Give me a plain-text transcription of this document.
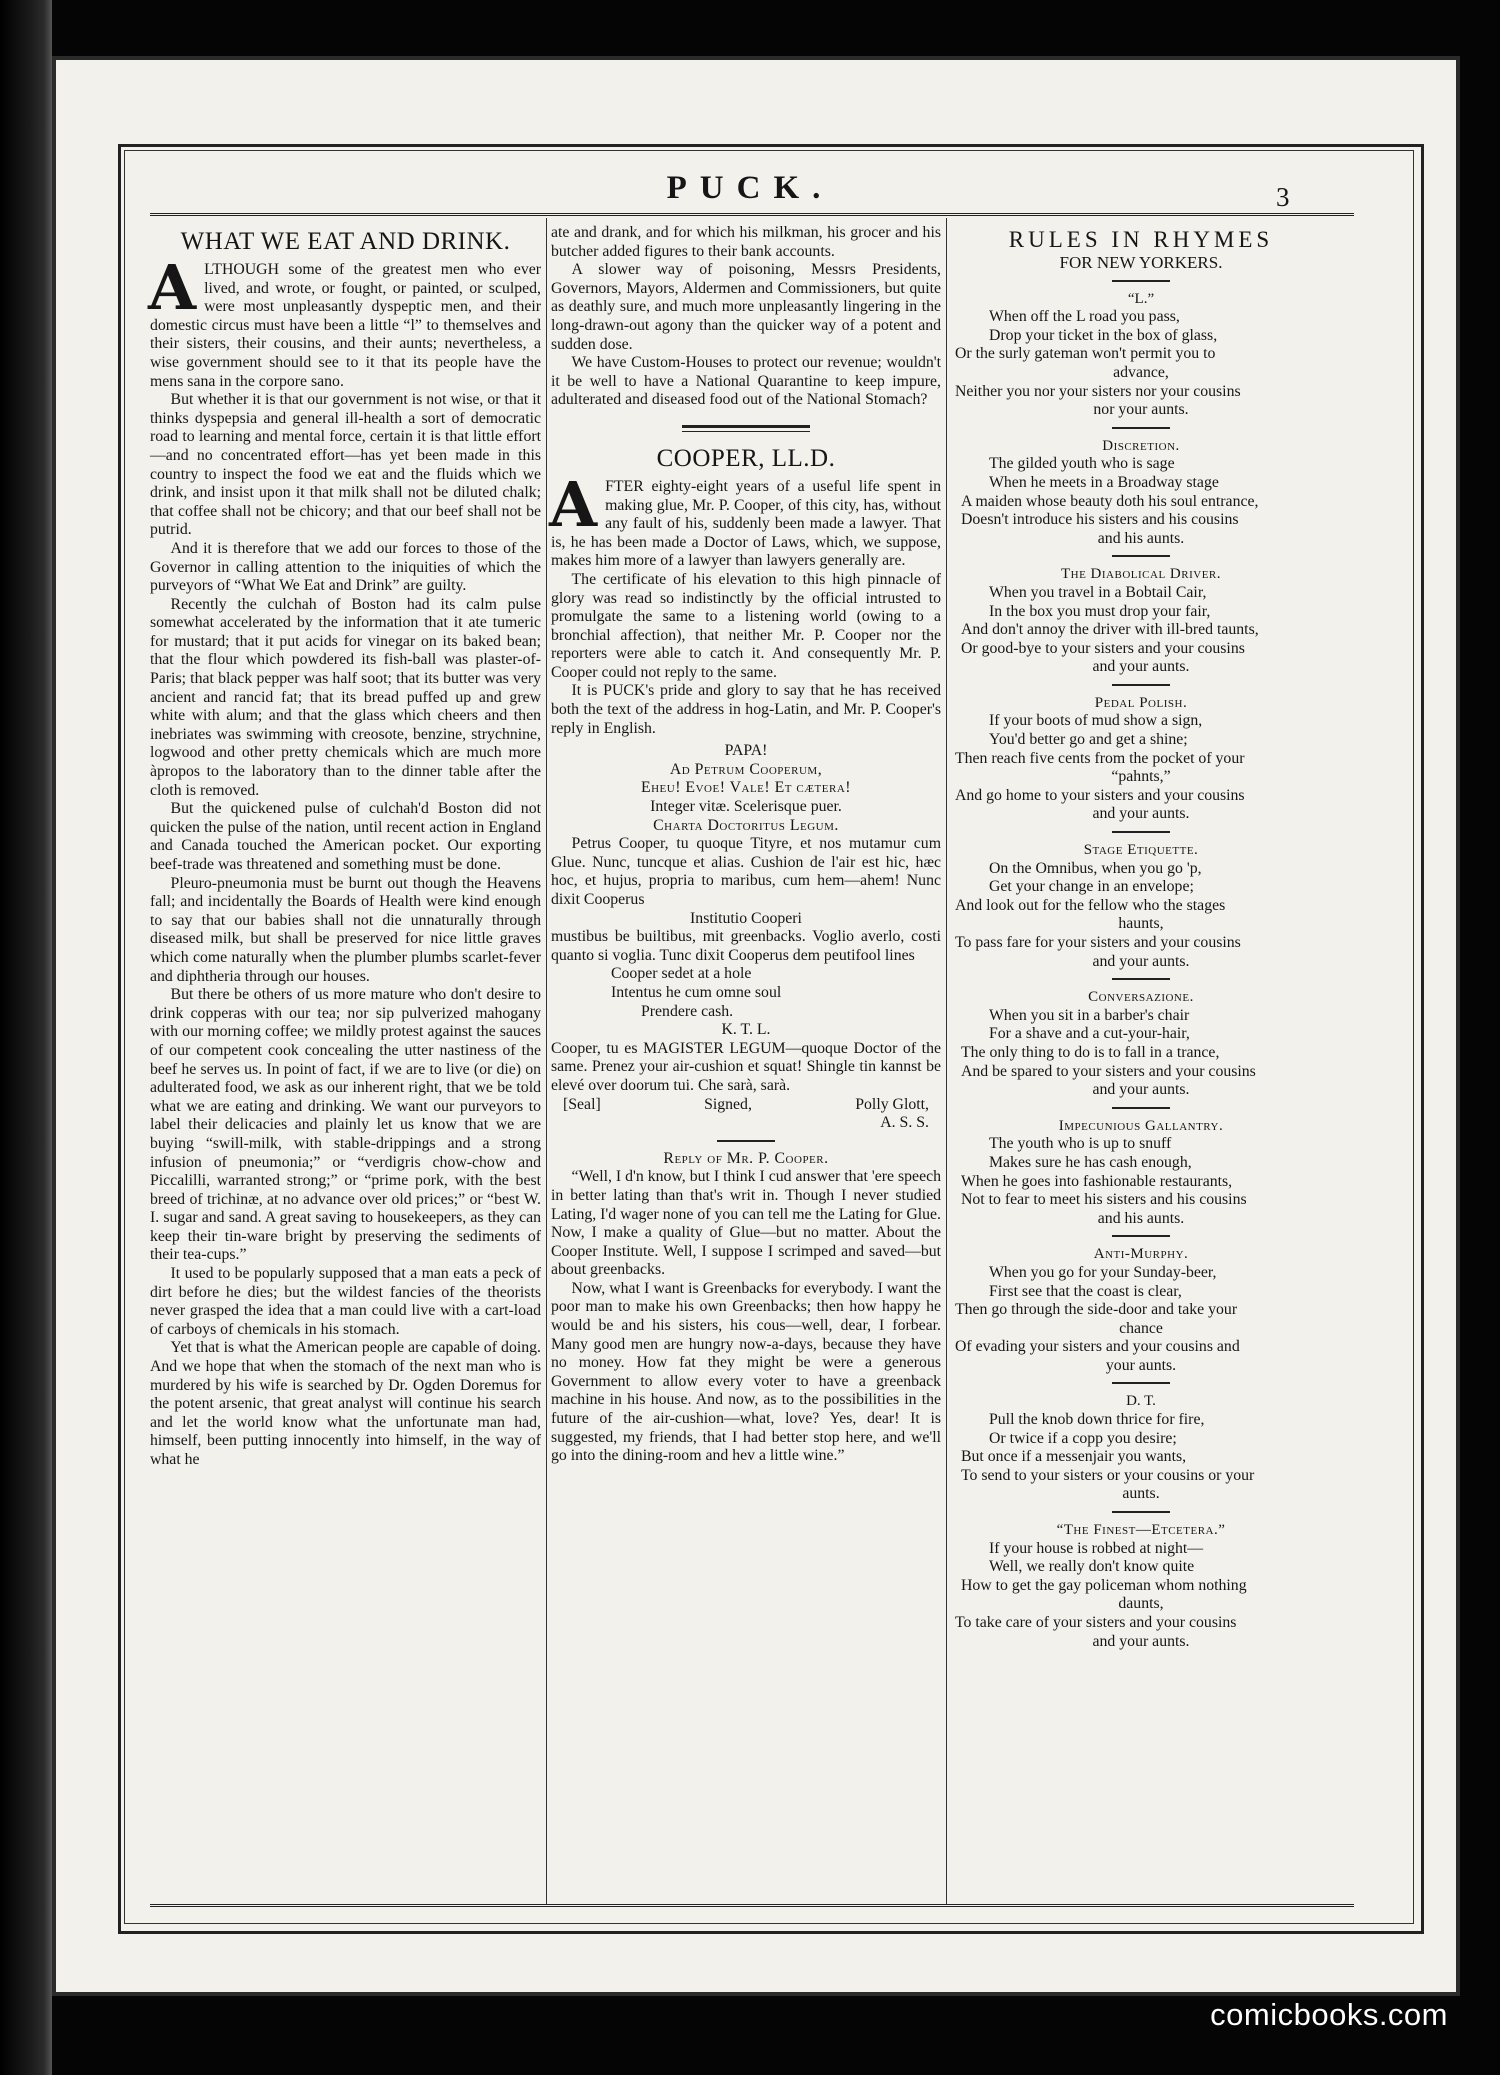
PUCK.	3
WHAT WE EAT AND DRINK.

ALTHOUGH some of the greatest men who ever lived, and wrote, or fought, or painted, or sculped, were most unpleasantly dyspeptic men, and their domestic circus must have been a little “l” to themselves and their sisters, their cousins, and their aunts; nevertheless, a wise government should see to it that its people have the mens sana in the corpore sano.

But whether it is that our government is not wise, or that it thinks dyspepsia and general ill-health a sort of democratic road to learning and mental force, certain it is that little effort —and no concentrated effort—has yet been made in this country to inspect the food we eat and the fluids which we drink, and insist upon it that milk shall not be diluted chalk; that coffee shall not be chicory; and that our beef shall not be putrid.

And it is therefore that we add our forces to those of the Governor in calling attention to the iniquities of which the purveyors of “What We Eat and Drink” are guilty.

Recently the culchah of Boston had its calm pulse somewhat accelerated by the information that it ate tumeric for mustard; that it put acids for vinegar on its baked bean; that the flour which powdered its fish-ball was plaster-of-Paris; that black pepper was half soot; that its butter was very ancient and rancid fat; that its bread puffed up and grew white with alum; and that the glass which cheers and then inebriates was swimming with creosote, benzine, strychnine, logwood and other pretty chemicals which are much more àpropos to the laboratory than to the dinner table after the cloth is removed.

But the quickened pulse of culchah'd Boston did not quicken the pulse of the nation, until recent action in England and Canada touched the American pocket. Our exporting beef-trade was threatened and something must be done.

Pleuro-pneumonia must be burnt out though the Heavens fall; and incidentally the Boards of Health were kind enough to say that our babies shall not die unnaturally through diseased milk, but shall be preserved for nice little graves which come naturally when the plumber plumbs scarlet-fever and diphtheria through our houses.

But there be others of us more mature who don't desire to drink copperas with our tea; nor sip pulverized mahogany with our morning coffee; we mildly protest against the sauces of our competent cook concealing the utter nastiness of the beef he serves us. In point of fact, if we are to live (or die) on adulterated food, we ask as our inherent right, that we be told what we are eating and drinking. We want our purveyors to label their delicacies and plainly let us know that we are buying “swill-milk, with stable-drippings and a strong infusion of pneumonia;” or “verdigris chow-chow and Piccalilli, warranted strong;” or “prime pork, with the best breed of trichinæ, at no advance over old prices;” or “best W. I. sugar and sand. A great saving to housekeepers, as they can keep their tin-ware bright by preserving the sediments of their tea-cups.”

It used to be popularly supposed that a man eats a peck of dirt before he dies; but the wildest fancies of the theorists never grasped the idea that a man could live with a cart-load of carboys of chemicals in his stomach.

Yet that is what the American people are capable of doing. And we hope that when the stomach of the next man who is murdered by his wife is searched by Dr. Ogden Doremus for the potent arsenic, that great analyst will continue his search and let the world know what the unfortunate man had, himself, been putting innocently into himself, in the way of what he

ate and drank, and for which his milkman, his grocer and his butcher added figures to their bank accounts.

A slower way of poisoning, Messrs Presidents, Governors, Mayors, Aldermen and Commissioners, but quite as deathly sure, and much more unpleasantly lingering in the long-drawn-out agony than the quicker way of a potent and sudden dose.

We have Custom-Houses to protect our revenue; wouldn't it be well to have a National Quarantine to keep impure, adulterated and diseased food out of the National Stomach?

COOPER, LL.D.

AFTER eighty-eight years of a useful life spent in making glue, Mr. P. Cooper, of this city, has, without any fault of his, suddenly been made a lawyer. That is, he has been made a Doctor of Laws, which, we suppose, makes him more of a lawyer than lawyers generally are.

The certificate of his elevation to this high pinnacle of glory was read so indistinctly by the official intrusted to promulgate the same to a listening world (owing to a bronchial affection), that neither Mr. P. Cooper nor the reporters were able to catch it. And consequently Mr. P. Cooper could not reply to the same.

It is PUCK's pride and glory to say that he has received both the text of the address in hog-Latin, and Mr. P. Cooper's reply in English.

PAPA!
Ad Petrum Cooperum,
Eheu! Evoe! Vale! Et cætera!
Integer vitæ. Scelerisque puer.
Charta Doctoritus Legum.

Petrus Cooper, tu quoque Tityre, et nos mutamur cum Glue. Nunc, tuncque et alias. Cushion de l'air est hic, hæc hoc, et hujus, propria to maribus, cum hem—ahem! Nunc dixit Cooperus

Institutio Cooperi

mustibus be builtibus, mit greenbacks. Voglio averlo, costi quanto si voglia. Tunc dixit Cooperus dem peutifool lines

Cooper sedet at a hole
Intentus he cum omne soul
Prendere cash.
K. T. L.

Cooper, tu es MAGISTER LEGUM—quoque Doctor of the same. Prenez your air-cushion et squat! Shingle tin kannst be elevé over doorum tui. Che sarà, sarà.

[Seal]	Signed,	Polly Glott,
A. S. S.
Reply of Mr. P. Cooper.

“Well, I d'n know, but I think I cud answer that 'ere speech in better lating than that's writ in. Though I never studied Lating, I'd wager none of you can tell me the Lating for Glue. Now, I make a quality of Glue—but no matter. About the Cooper Institute. Well, I suppose I scrimped and saved—but about greenbacks.

Now, what I want is Greenbacks for everybody. I want the poor man to make his own Greenbacks; then how happy he would be and his sisters, his cous—well, dear, I forbear. Many good men are hungry now-a-days, because they have no money. How fat they might be were a generous Government to allow every voter to have a greenback machine in his house. And now, as to the possibilities in the future of the air-cushion—what, love? Yes, dear! It is suggested, my friends, that I had better stop here, and we'll go into the dining-room and hev a little wine.”

RULES IN RHYMES
FOR NEW YORKERS.
“L.”
When off the L road you pass,
Drop your ticket in the box of glass,
Or the surly gateman won't permit you to
advance,
Neither you nor your sisters nor your cousins
nor your aunts.
Discretion.
The gilded youth who is sage
When he meets in a Broadway stage
A maiden whose beauty doth his soul entrance,
Doesn't introduce his sisters and his cousins
and his aunts.
The Diabolical Driver.
When you travel in a Bobtail Cair,
In the box you must drop your fair,
And don't annoy the driver with ill-bred taunts,
Or good-bye to your sisters and your cousins
and your aunts.
Pedal Polish.
If your boots of mud show a sign,
You'd better go and get a shine;
Then reach five cents from the pocket of your
“pahnts,”
And go home to your sisters and your cousins
and your aunts.
Stage Etiquette.
On the Omnibus, when you go 'p,
Get your change in an envelope;
And look out for the fellow who the stages
haunts,
To pass fare for your sisters and your cousins
and your aunts.
Conversazione.
When you sit in a barber's chair
For a shave and a cut-your-hair,
The only thing to do is to fall in a trance,
And be spared to your sisters and your cousins
and your aunts.
Impecunious Gallantry.
The youth who is up to snuff
Makes sure he has cash enough,
When he goes into fashionable restaurants,
Not to fear to meet his sisters and his cousins
and his aunts.
Anti-Murphy.
When you go for your Sunday-beer,
First see that the coast is clear,
Then go through the side-door and take your
chance
Of evading your sisters and your cousins and
your aunts.
D. T.
Pull the knob down thrice for fire,
Or twice if a copp you desire;
But once if a messenjair you wants,
To send to your sisters or your cousins or your
aunts.
“The Finest—Etcetera.”
If your house is robbed at night—
Well, we really don't know quite
How to get the gay policeman whom nothing
daunts,
To take care of your sisters and your cousins
and your aunts.
comicbooks.com
